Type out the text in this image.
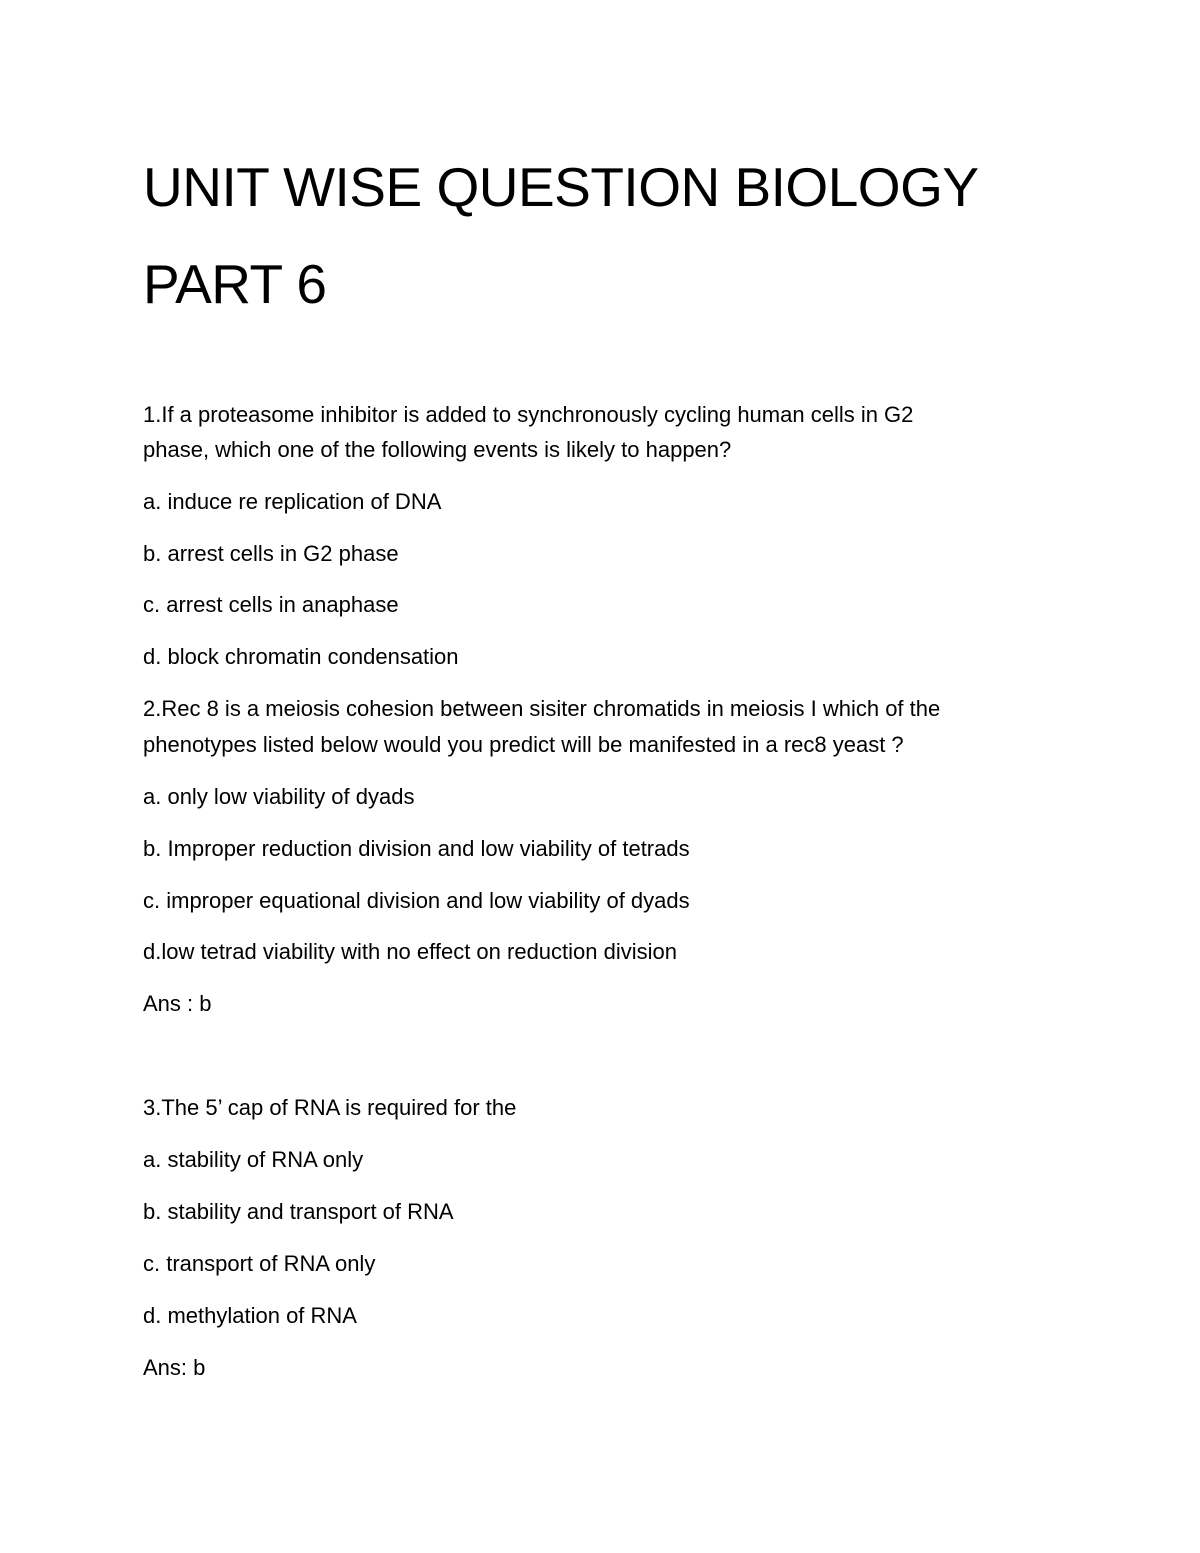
UNIT WISE QUESTION BIOLOGY
PART 6

1.If a proteasome inhibitor is added to synchronously cycling human cells in G2

phase, which one of the following events is likely to happen?

a. induce re replication of DNA

b. arrest cells in G2 phase

c. arrest cells in anaphase

d. block chromatin condensation

2.Rec 8 is a meiosis cohesion between sisiter chromatids in meiosis I which of the

phenotypes listed below would you predict will be manifested in a rec8 yeast ?

a. only low viability of dyads

b. Improper reduction division and low viability of tetrads

c. improper equational division and low viability of dyads

d.low tetrad viability with no effect on reduction division

Ans : b

3.The 5’ cap of RNA is required for the

a. stability of RNA only

b. stability and transport of RNA

c. transport of RNA only

d. methylation of RNA

Ans: b
